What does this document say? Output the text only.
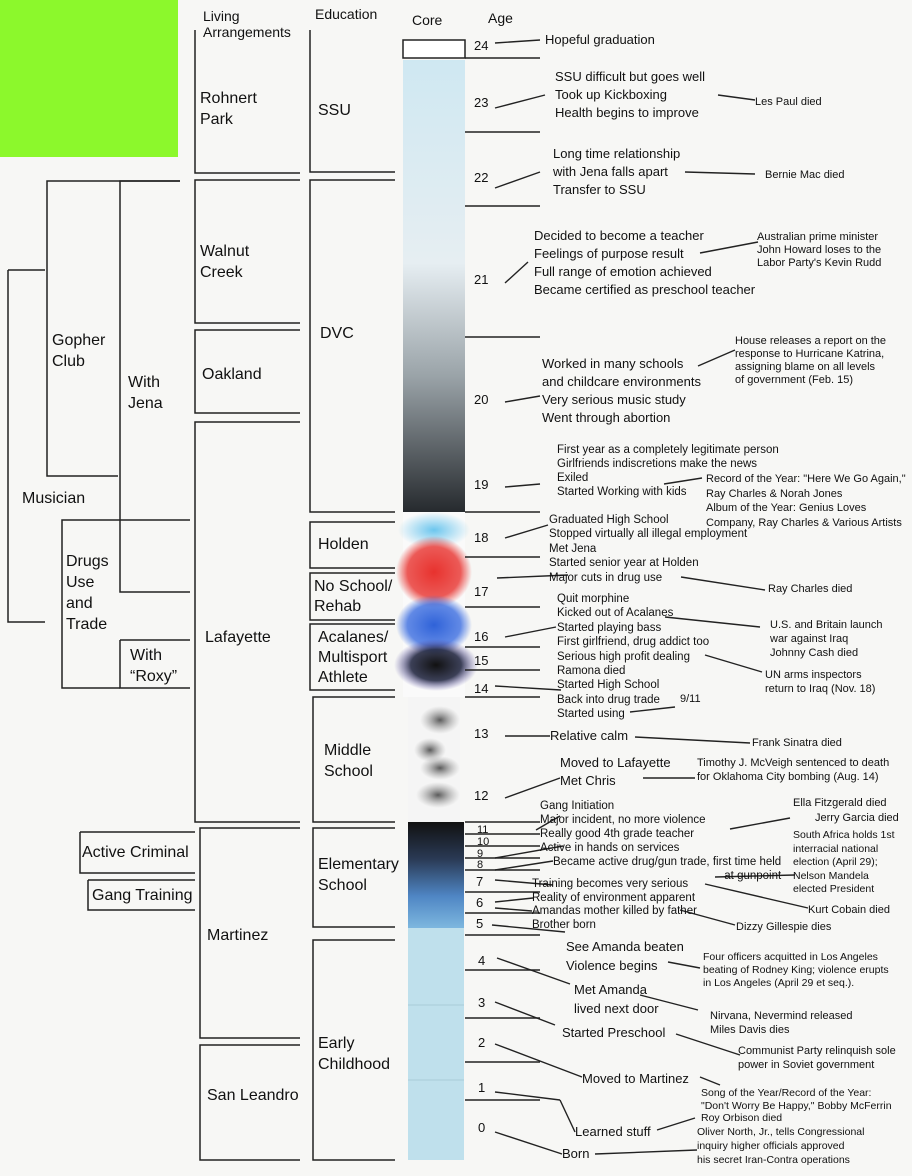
Living
Arrangements
Education Core	Age
Rohnert
Park
Walnut
Creek
Oakland
Lafayette
Martinez
San Leandro
SSU
DVC
Holden
No School/
Rehab
Acalanes/
Multisport
Athlete
Middle
School
Elementary
School
Early
Childhood
Musician
Gopher
Club
With
Jena
Drugs
Use
and
Trade
With
“Roxy”
Active Criminal
Gang Training
24
23
22
21
20
19
18
17
16
15
14
13
12
11
10
9
8
7
6
5
4
3
2
1
0
Hopeful graduation
SSU difficult but goes well
Took up Kickboxing
Health begins to improve
Long time relationship
with Jena falls apart
Transfer to SSU
Decided to become a teacher
Feelings of purpose result
Full range of emotion achieved
Became certified as preschool teacher
Worked in many schools
and childcare environments
Very serious music study
Went through abortion
First year as a completely legitimate person
Girlfriends indiscretions make the news
Exiled
Started Working with kids
Graduated High School
Stopped virtually all illegal employment
Met Jena
Started senior year at Holden
Major cuts in drug use
Quit morphine
Kicked out of Acalanes
Started playing bass
First girlfriend, drug addict too
Serious high profit dealing
Ramona died
Started High School
Back into drug trade
Started using
9/11
Relative calm
Moved to Lafayette
Met Chris
Gang Initiation
Major incident, no more violence
Really good 4th grade teacher
Active in hands on services
Became active drug/gun trade, first time held
at gunpoint
Training becomes very serious
Reality of environment apparent
Amandas mother killed by father
Brother born
See Amanda beaten
Violence begins
Met Amanda
lived next door
Started Preschool
Moved to Martinez
Learned stuff
Born
Les Paul died
Bernie Mac died
Australian prime minister
John Howard loses to the
Labor Party's Kevin Rudd
House releases a report on the
response to Hurricane Katrina,
assigning blame on all levels
of government (Feb. 15)
Record of the Year: "Here We Go Again,"
Ray Charles & Norah Jones
Album of the Year: Genius Loves
Company, Ray Charles & Various Artists
Ray Charles died
U.S. and Britain launch
war against Iraq
Johnny Cash died
UN arms inspectors
return to Iraq (Nov. 18)
Frank Sinatra died
Timothy J. McVeigh sentenced to death
for Oklahoma City bombing (Aug. 14)
Ella Fitzgerald died
Jerry Garcia died
South Africa holds 1st
interracial national
election (April 29);
Nelson Mandela
elected President
Kurt Cobain died
Dizzy Gillespie dies
Four officers acquitted in Los Angeles
beating of Rodney King; violence erupts
in Los Angeles (April 29 et seq.).
Nirvana, Nevermind released
Miles Davis dies
Communist Party relinquish sole
power in Soviet government
Song of the Year/Record of the Year:
"Don't Worry Be Happy," Bobby McFerrin
Roy Orbison died
Oliver North, Jr., tells Congressional
inquiry higher officials approved
his secret Iran-Contra operations
